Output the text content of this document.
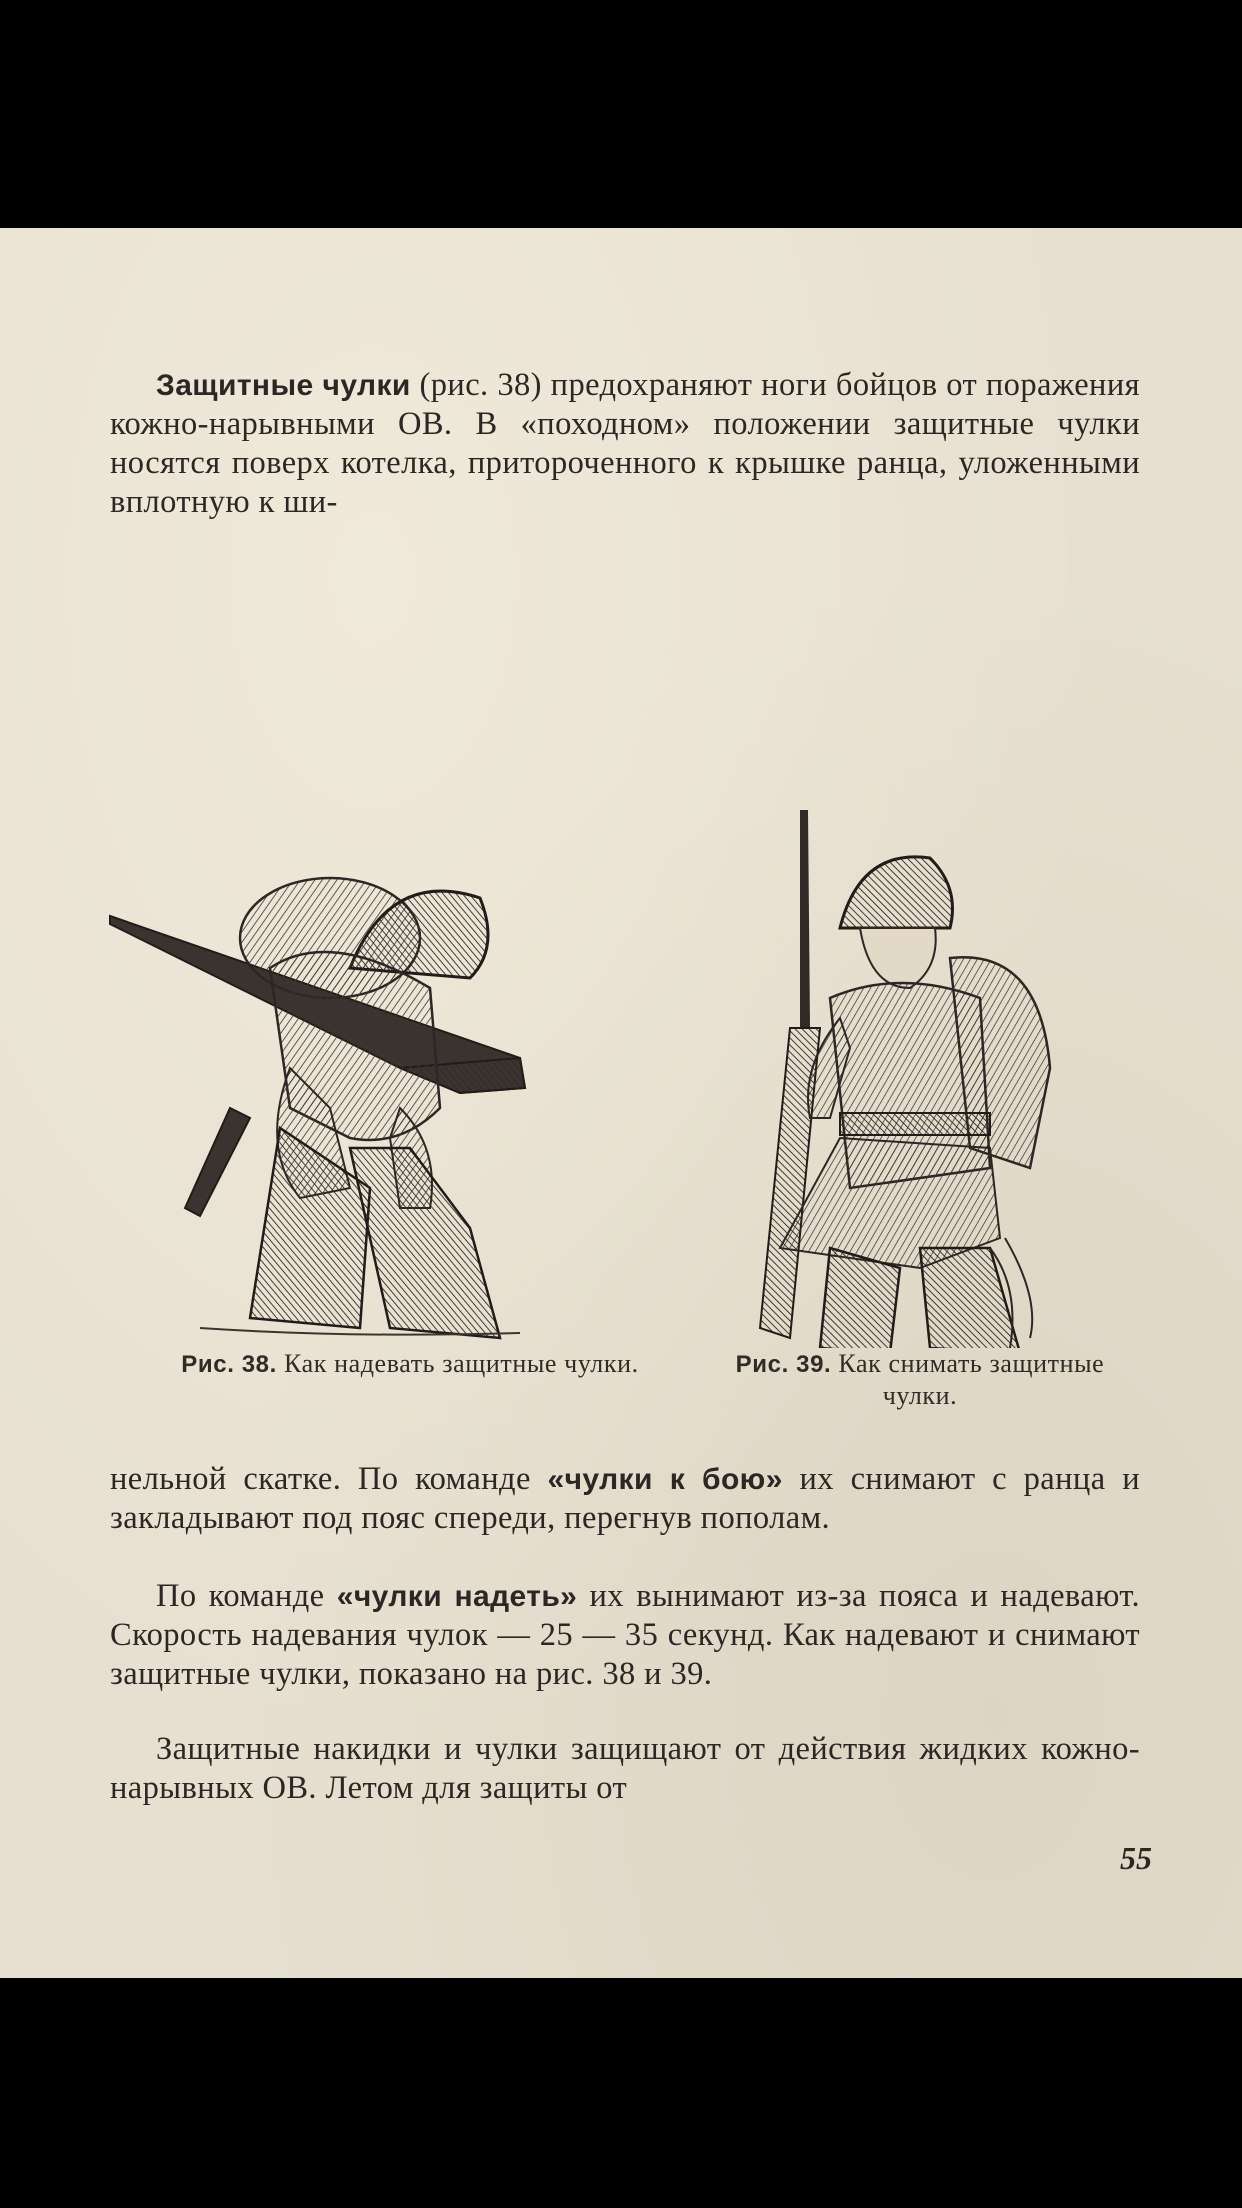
Защитные чулки (рис. 38) предохраняют ноги бойцов от поражения кожно-нарывными ОВ. В «походном» положении защитные чулки носятся поверх котелка, притороченного к крышке ранца, уложенными вплотную к ши-
Рис. 38. Как надевать защитные чулки.	Рис. 39. Как снимать защитные чулки.
нельной скатке. По команде «чулки к бою» их снимают с ранца и закладывают под пояс спереди, перегнув пополам.
По команде «чулки надеть» их вынимают из-за пояса и надевают. Скорость надевания чулок — 25 — 35 секунд. Как надевают и снимают защитные чулки, показано на рис. 38 и 39.
Защитные накидки и чулки защищают от действия жидких кожно-нарывных ОВ. Летом для защиты от
55
